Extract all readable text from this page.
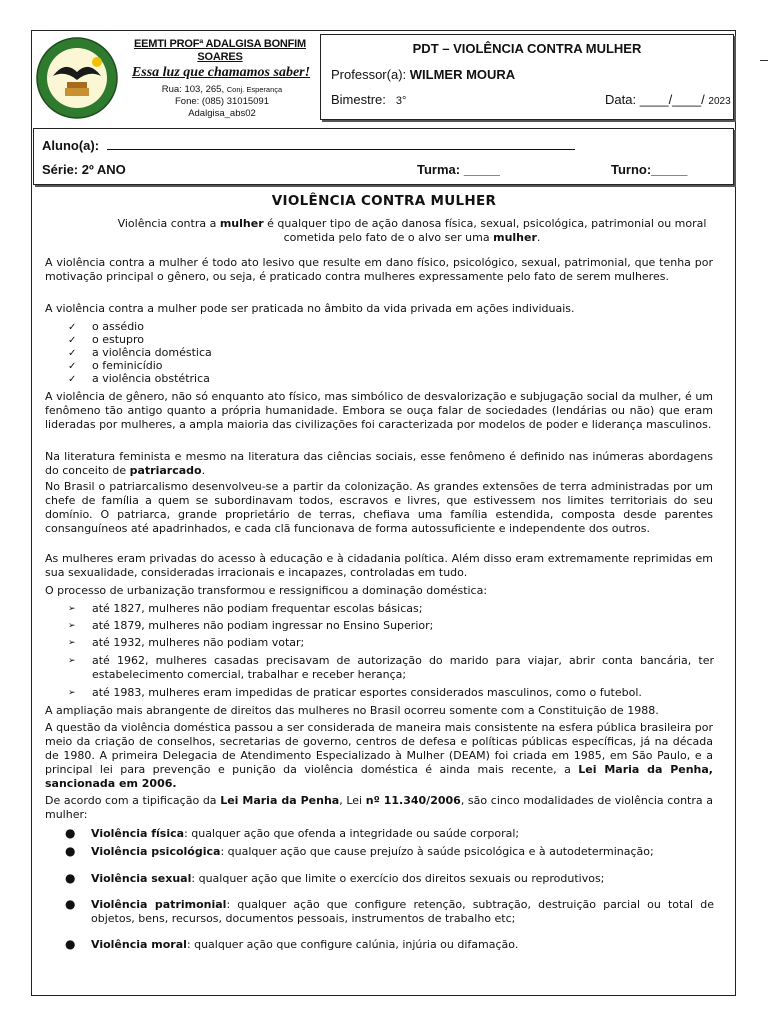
EEMTI PROFª ADALGISA BONFIM SOARES
Essa luz que chamamos saber!
Rua: 103, 265, Conj. Esperança
Fone: (085) 31015091
Adalgisa_abs02
PDT – VIOLÊNCIA CONTRA MULHER
Professor(a): WILMER MOURA
Bimestre: 3°	Data: ____/____/ 2023
Aluno(a):
Série: 2º ANO	Turma: _____	Turno:_____
VIOLÊNCIA CONTRA MULHER
Violência contra a mulher é qualquer tipo de ação danosa física, sexual, psicológica, patrimonial ou moral cometida pelo fato de o alvo ser uma mulher.
A violência contra a mulher é todo ato lesivo que resulte em dano físico, psicológico, sexual, patrimonial, que tenha por motivação principal o gênero, ou seja, é praticado contra mulheres expressamente pelo fato de serem mulheres.
A violência contra a mulher pode ser praticada no âmbito da vida privada em ações individuais.
✓ o assédio
✓ o estupro
✓ a violência doméstica
✓ o feminicídio
✓ a violência obstétrica
A violência de gênero, não só enquanto ato físico, mas simbólico de desvalorização e subjugação social da mulher, é um fenômeno tão antigo quanto a própria humanidade. Embora se ouça falar de sociedades (lendárias ou não) que eram lideradas por mulheres, a ampla maioria das civilizações foi caracterizada por modelos de poder e liderança masculinos.
Na literatura feminista e mesmo na literatura das ciências sociais, esse fenômeno é definido nas inúmeras abordagens do conceito de patriarcado.
No Brasil o patriarcalismo desenvolveu-se a partir da colonização. As grandes extensões de terra administradas por um chefe de família a quem se subordinavam todos, escravos e livres, que estivessem nos limites territoriais do seu domínio. O patriarca, grande proprietário de terras, chefiava uma família estendida, composta desde parentes consanguíneos até apadrinhados, e cada clã funcionava de forma autossuficiente e independente dos outros.
As mulheres eram privadas do acesso à educação e à cidadania política. Além disso eram extremamente reprimidas em sua sexualidade, consideradas irracionais e incapazes, controladas em tudo.
O processo de urbanização transformou e ressignificou a dominação doméstica:
➢ até 1827, mulheres não podiam frequentar escolas básicas;
➢ até 1879, mulheres não podiam ingressar no Ensino Superior;
➢ até 1932, mulheres não podiam votar;
➢ até 1962, mulheres casadas precisavam de autorização do marido para viajar, abrir conta bancária, ter estabelecimento comercial, trabalhar e receber herança;
➢ até 1983, mulheres eram impedidas de praticar esportes considerados masculinos, como o futebol.
A ampliação mais abrangente de direitos das mulheres no Brasil ocorreu somente com a Constituição de 1988.
A questão da violência doméstica passou a ser considerada de maneira mais consistente na esfera pública brasileira por meio da criação de conselhos, secretarias de governo, centros de defesa e políticas públicas específicas, já na década de 1980. A primeira Delegacia de Atendimento Especializado à Mulher (DEAM) foi criada em 1985, em São Paulo, e a principal lei para prevenção e punição da violência doméstica é ainda mais recente, a Lei Maria da Penha, sancionada em 2006.
De acordo com a tipificação da Lei Maria da Penha, Lei nº 11.340/2006, são cinco modalidades de violência contra a mulher:
● Violência física: qualquer ação que ofenda a integridade ou saúde corporal;
● Violência psicológica: qualquer ação que cause prejuízo à saúde psicológica e à autodeterminação;
● Violência sexual: qualquer ação que limite o exercício dos direitos sexuais ou reprodutivos;
● Violência patrimonial: qualquer ação que configure retenção, subtração, destruição parcial ou total de objetos, bens, recursos, documentos pessoais, instrumentos de trabalho etc;
● Violência moral: qualquer ação que configure calúnia, injúria ou difamação.
